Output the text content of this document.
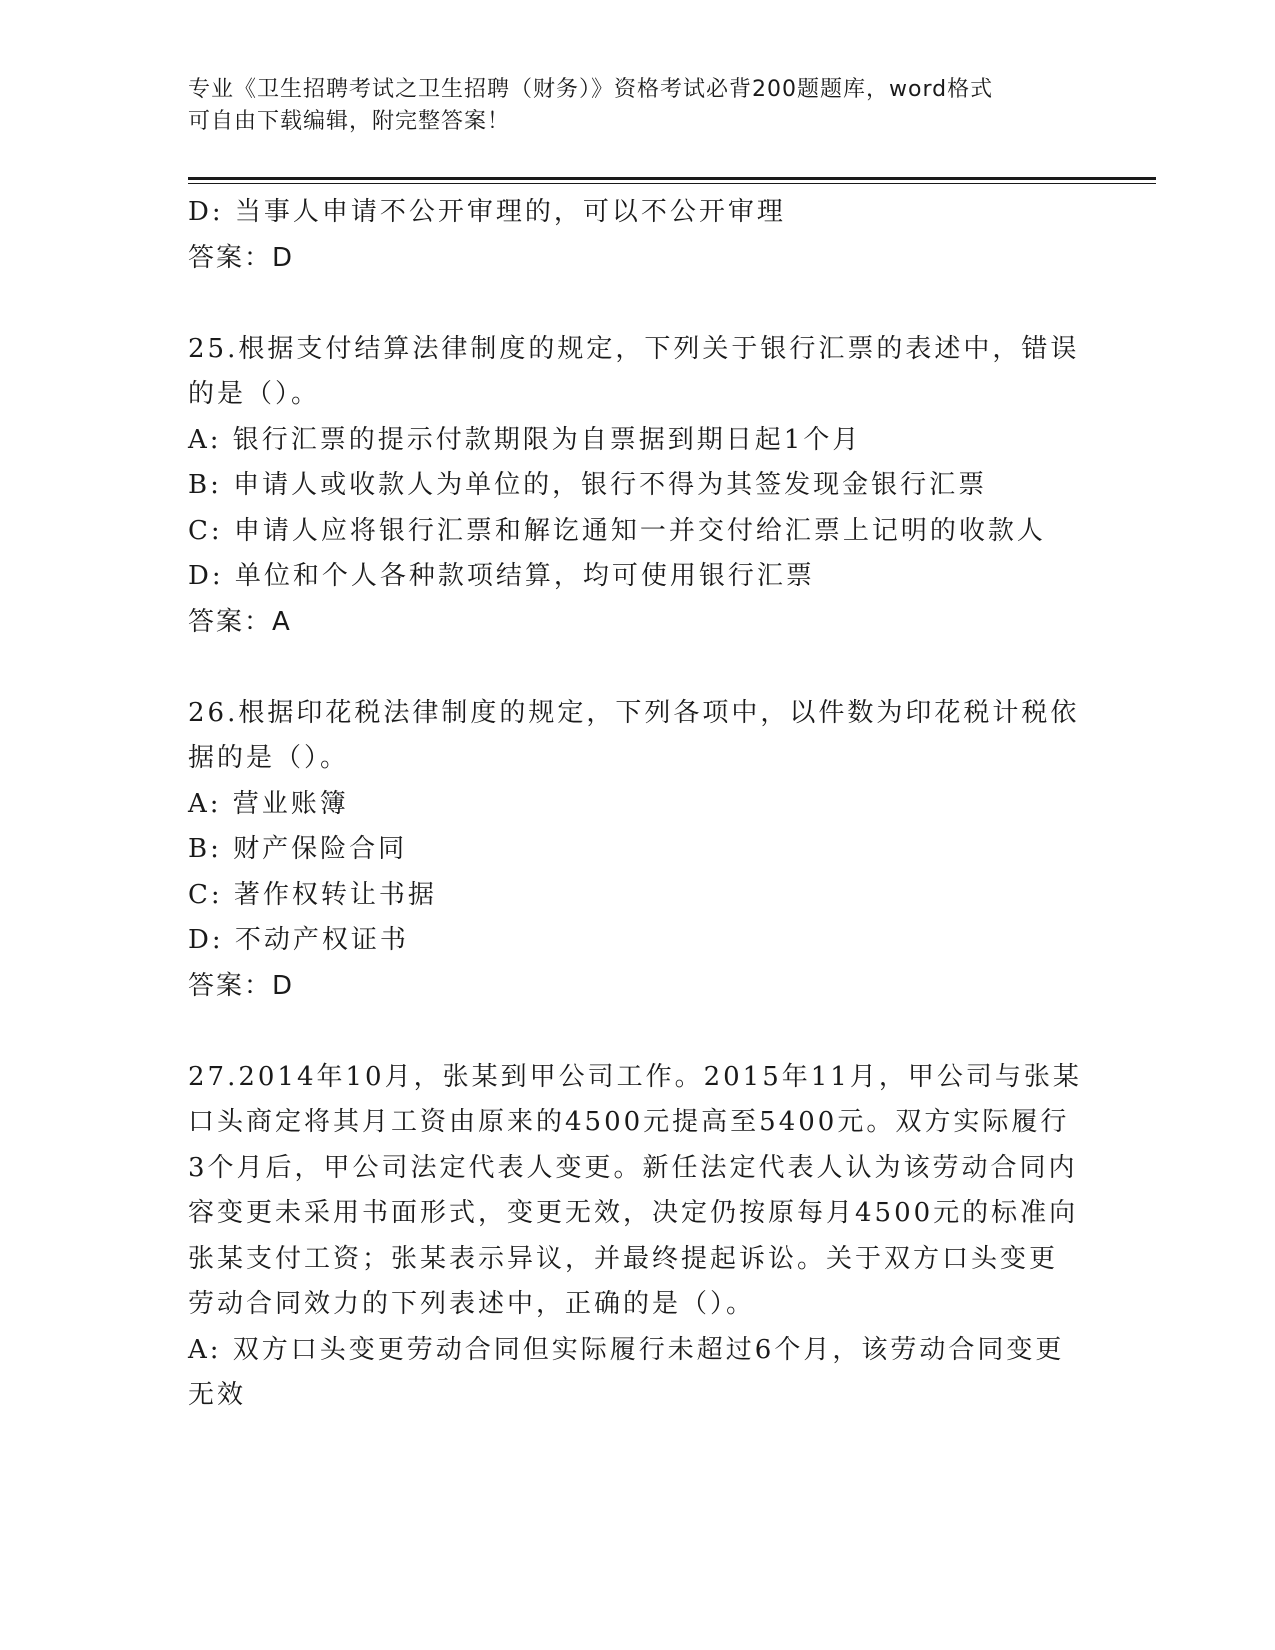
专业《卫生招聘考试之卫生招聘（财务）》资格考试必背200题题库，word格式
可自由下载编辑，附完整答案！
D: 当事人申请不公开审理的，可以不公开审理
答案：D
25.根据支付结算法律制度的规定，下列关于银行汇票的表述中，错误
的是（）。
A: 银行汇票的提示付款期限为自票据到期日起1个月
B: 申请人或收款人为单位的，银行不得为其签发现金银行汇票
C: 申请人应将银行汇票和解讫通知一并交付给汇票上记明的收款人
D: 单位和个人各种款项结算，均可使用银行汇票
答案：A
26.根据印花税法律制度的规定，下列各项中，以件数为印花税计税依
据的是（）。
A: 营业账簿
B: 财产保险合同
C: 著作权转让书据
D: 不动产权证书
答案：D
27.2014年10月，张某到甲公司工作。2015年11月，甲公司与张某
口头商定将其月工资由原来的4500元提高至5400元。双方实际履行
3个月后，甲公司法定代表人变更。新任法定代表人认为该劳动合同内
容变更未采用书面形式，变更无效，决定仍按原每月4500元的标准向
张某支付工资；张某表示异议，并最终提起诉讼。关于双方口头变更
劳动合同效力的下列表述中，正确的是（）。
A: 双方口头变更劳动合同但实际履行未超过6个月，该劳动合同变更
无效
